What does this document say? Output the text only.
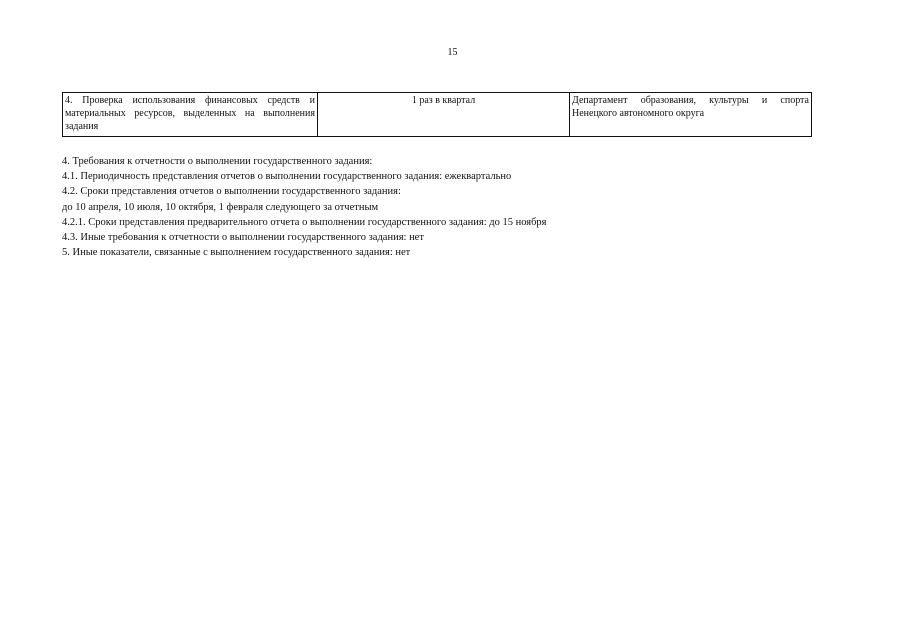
15
4. Проверка использования финансовых средств и материальных ресурсов, выделенных на выполнения задания	1 раз в квартал	Департамент образования, культуры и спорта Ненецкого автономного округа
4. Требования к отчетности о выполнении государственного задания:
4.1. Периодичность представления отчетов о выполнении государственного задания: ежеквартально
4.2. Сроки представления отчетов о выполнении государственного задания:
до 10 апреля, 10 июля, 10 октября, 1 февраля следующего за отчетным
4.2.1. Сроки представления предварительного отчета о выполнении государственного задания: до 15 ноября
4.3. Иные требования к отчетности о выполнении государственного задания: нет
5. Иные показатели, связанные с выполнением государственного задания: нет
